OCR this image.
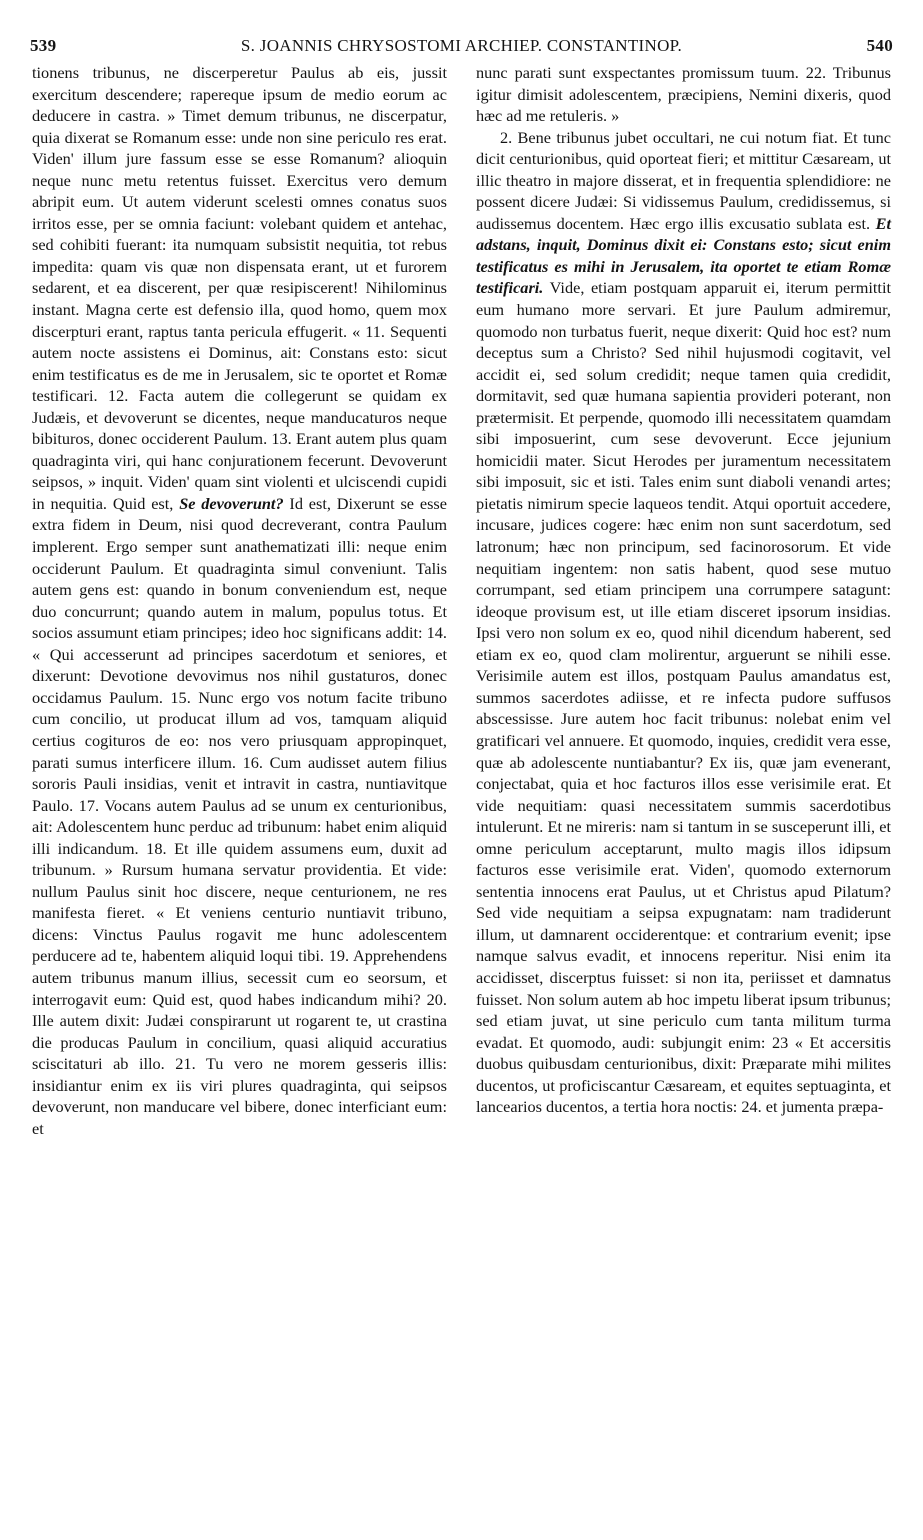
539	S. JOANNIS CHRYSOSTOMI ARCHIEP. CONSTANTINOP.	540

tionens tribunus, ne discerperetur Paulus ab eis, jussit exercitum descendere; rapereque ipsum de medio eorum ac deducere in castra. » Timet demum tribunus, ne discerpatur, quia dixerat se Romanum esse: unde non sine periculo res erat. Viden' illum jure fassum esse se esse Romanum? alioquin neque nunc metu retentus fuisset. Exercitus vero demum abripit eum. Ut autem viderunt scelesti omnes conatus suos irritos esse, per se omnia faciunt: volebant quidem et antehac, sed cohibiti fuerant: ita numquam subsistit nequitia, tot rebus impedita: quam vis quæ non dispensata erant, ut et furorem sedarent, et ea discerent, per quæ resipiscerent! Nihilominus instant. Magna certe est defensio illa, quod homo, quem mox discerpturi erant, raptus tanta pericula effugerit. « 11. Sequenti autem nocte assistens ei Dominus, ait: Constans esto: sicut enim testificatus es de me in Jerusalem, sic te oportet et Romæ testificari. 12. Facta autem die collegerunt se quidam ex Judæis, et devoverunt se dicentes, neque manducaturos neque bibituros, donec occiderent Paulum. 13. Erant autem plus quam quadraginta viri, qui hanc conjurationem fecerunt. Devoverunt seipsos, » inquit. Viden' quam sint violenti et ulciscendi cupidi in nequitia. Quid est, Se devoverunt? Id est, Dixerunt se esse extra fidem in Deum, nisi quod decreverant, contra Paulum implerent. Ergo semper sunt anathematizati illi: neque enim occiderunt Paulum. Et quadraginta simul conveniunt. Talis autem gens est: quando in bonum conveniendum est, neque duo concurrunt; quando autem in malum, populus totus. Et socios assumunt etiam principes; ideo hoc significans addit: 14. « Qui accesserunt ad principes sacerdotum et seniores, et dixerunt: Devotione devovimus nos nihil gustaturos, donec occidamus Paulum. 15. Nunc ergo vos notum facite tribuno cum concilio, ut producat illum ad vos, tamquam aliquid certius cogituros de eo: nos vero priusquam appropinquet, parati sumus interficere illum. 16. Cum audisset autem filius sororis Pauli insidias, venit et intravit in castra, nuntiavitque Paulo. 17. Vocans autem Paulus ad se unum ex centurionibus, ait: Adolescentem hunc perduc ad tribunum: habet enim aliquid illi indicandum. 18. Et ille quidem assumens eum, duxit ad tribunum. » Rursum humana servatur providentia. Et vide: nullum Paulus sinit hoc discere, neque centurionem, ne res manifesta fieret. « Et veniens centurio nuntiavit tribuno, dicens: Vinctus Paulus rogavit me hunc adolescentem perducere ad te, habentem aliquid loqui tibi. 19. Apprehendens autem tribunus manum illius, secessit cum eo seorsum, et interrogavit eum: Quid est, quod habes indicandum mihi? 20. Ille autem dixit: Judæi conspirarunt ut rogarent te, ut crastina die producas Paulum in concilium, quasi aliquid accuratius sciscitaturi ab illo. 21. Tu vero ne morem gesseris illis: insidiantur enim ex iis viri plures quadraginta, qui seipsos devoverunt, non manducare vel bibere, donec interficiant eum: et

nunc parati sunt exspectantes promissum tuum. 22. Tribunus igitur dimisit adolescentem, præcipiens, Nemini dixeris, quod hæc ad me retuleris. »

2. Bene tribunus jubet occultari, ne cui notum fiat. Et tunc dicit centurionibus, quid oporteat fieri; et mittitur Cæsaream, ut illic theatro in majore disserat, et in frequentia splendidiore: ne possent dicere Judæi: Si vidissemus Paulum, credidissemus, si audissemus docentem. Hæc ergo illis excusatio sublata est. Et adstans, inquit, Dominus dixit ei: Constans esto; sicut enim testificatus es mihi in Jerusalem, ita oportet te etiam Romæ testificari. Vide, etiam postquam apparuit ei, iterum permittit eum humano more servari. Et jure Paulum admiremur, quomodo non turbatus fuerit, neque dixerit: Quid hoc est? num deceptus sum a Christo? Sed nihil hujusmodi cogitavit, vel accidit ei, sed solum credidit; neque tamen quia credidit, dormitavit, sed quæ humana sapientia provideri poterant, non prætermisit. Et perpende, quomodo illi necessitatem quamdam sibi imposuerint, cum sese devoverunt. Ecce jejunium homicidii mater. Sicut Herodes per juramentum necessitatem sibi imposuit, sic et isti. Tales enim sunt diaboli venandi artes; pietatis nimirum specie laqueos tendit. Atqui oportuit accedere, incusare, judices cogere: hæc enim non sunt sacerdotum, sed latronum; hæc non principum, sed facinorosorum. Et vide nequitiam ingentem: non satis habent, quod sese mutuo corrumpant, sed etiam principem una corrumpere satagunt: ideoque provisum est, ut ille etiam disceret ipsorum insidias. Ipsi vero non solum ex eo, quod nihil dicendum haberent, sed etiam ex eo, quod clam molirentur, arguerunt se nihili esse. Verisimile autem est illos, postquam Paulus amandatus est, summos sacerdotes adiisse, et re infecta pudore suffusos abscessisse. Jure autem hoc facit tribunus: nolebat enim vel gratificari vel annuere. Et quomodo, inquies, credidit vera esse, quæ ab adolescente nuntiabantur? Ex iis, quæ jam evenerant, conjectabat, quia et hoc facturos illos esse verisimile erat. Et vide nequitiam: quasi necessitatem summis sacerdotibus intulerunt. Et ne mireris: nam si tantum in se susceperunt illi, et omne periculum acceptarunt, multo magis illos idipsum facturos esse verisimile erat. Viden', quomodo externorum sententia innocens erat Paulus, ut et Christus apud Pilatum? Sed vide nequitiam a seipsa expugnatam: nam tradiderunt illum, ut damnarent occiderentque: et contrarium evenit; ipse namque salvus evadit, et innocens reperitur. Nisi enim ita accidisset, discerptus fuisset: si non ita, periisset et damnatus fuisset. Non solum autem ab hoc impetu liberat ipsum tribunus; sed etiam juvat, ut sine periculo cum tanta militum turma evadat. Et quomodo, audi: subjungit enim: 23 « Et accersitis duobus quibusdam centurionibus, dixit: Præparate mihi milites ducentos, ut proficiscantur Cæsaream, et equites septuaginta, et lancearios ducentos, a tertia hora noctis: 24. et jumenta præpa-
